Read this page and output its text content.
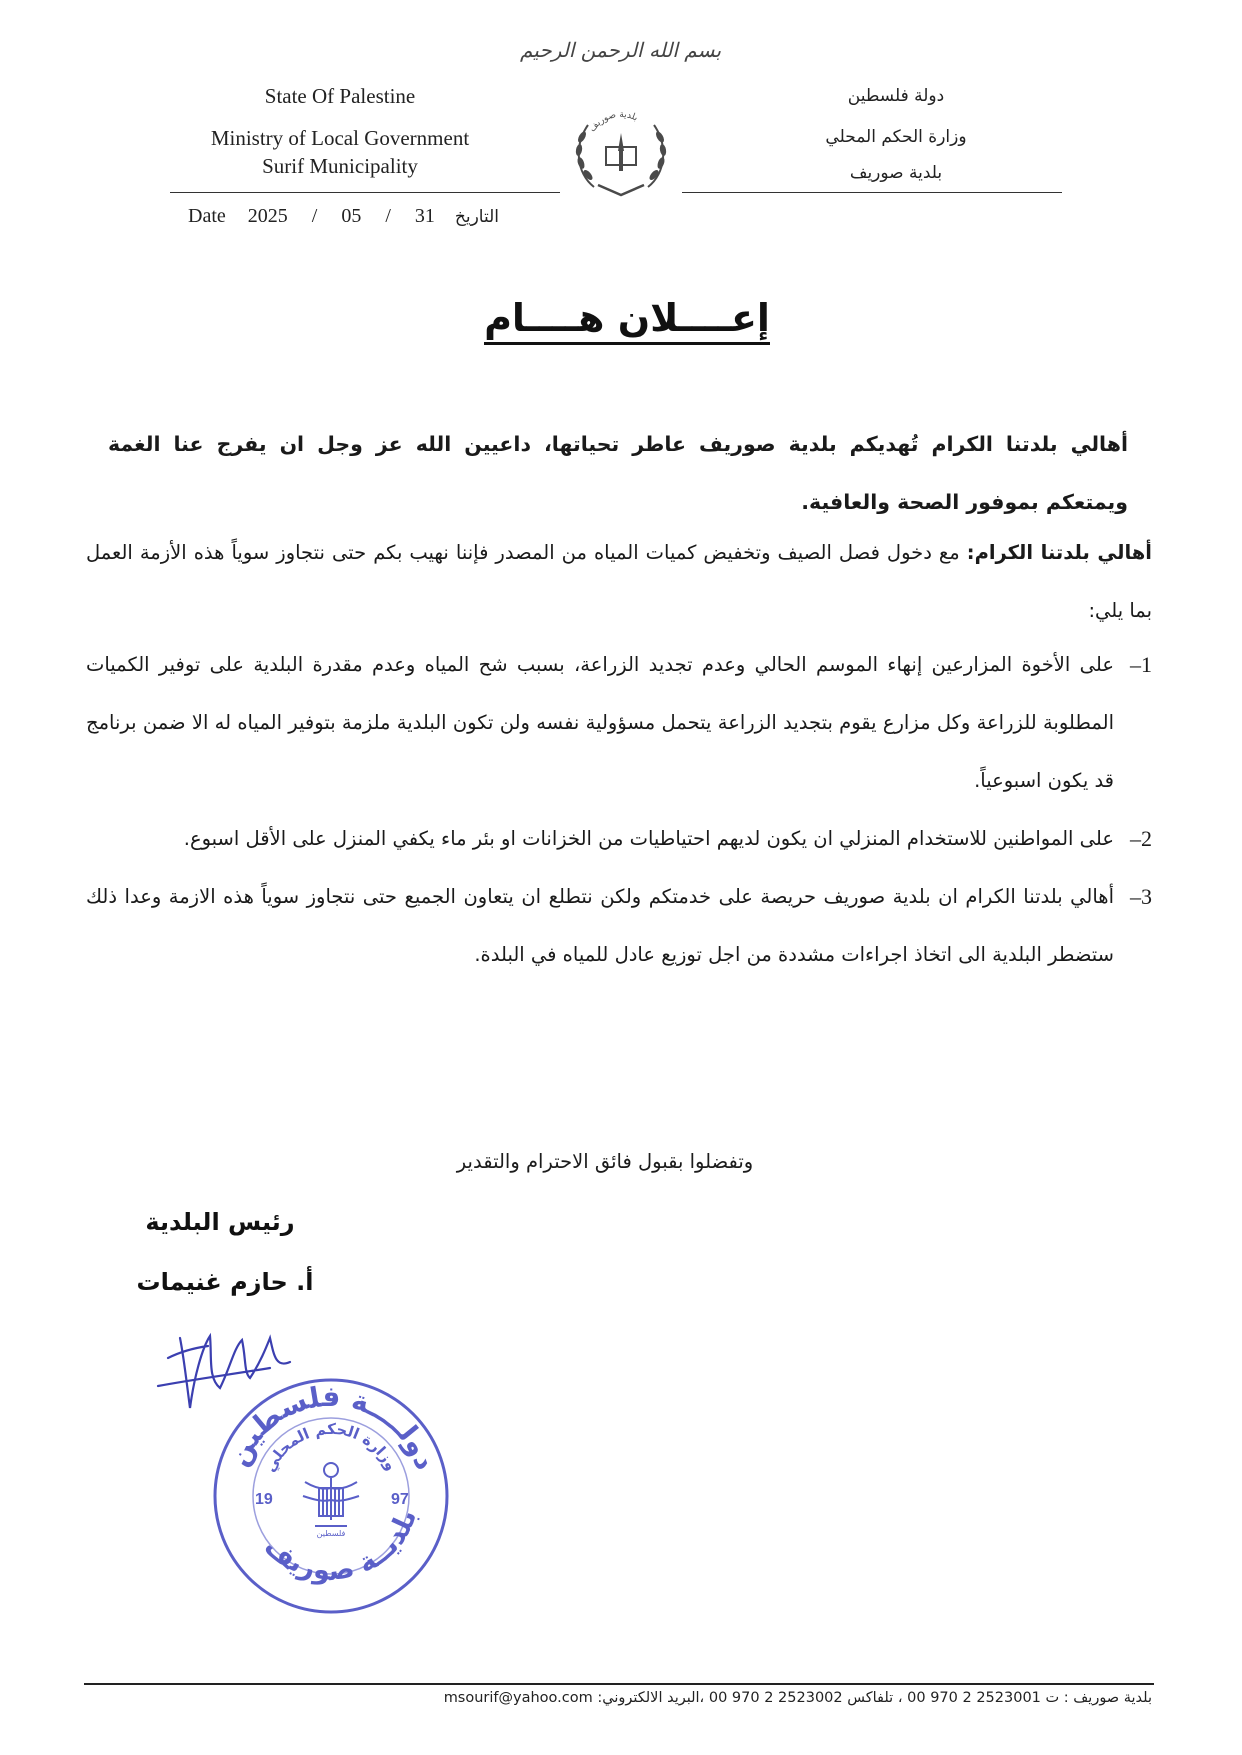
بسم الله الرحمن الرحيم
State Of Palestine
Ministry of Local Government
Surif Municipality
دولة فلسطين
وزارة الحكم المحلي
بلدية صوريف
بلدية صوريف
Date 2025 / 05 / 31 التاريخ
إعــــلان هــــام
أهالي بلدتنا الكرام تُهديكم بلدية صوريف عاطر تحياتها، داعيين الله عز وجل ان يفرج عنا الغمة ويمتعكم بموفور الصحة والعافية.
أهالي بلدتنا الكرام: مع دخول فصل الصيف وتخفيض كميات المياه من المصدر فإننا نهيب بكم حتى نتجاوز سوياً هذه الأزمة العمل بما يلي:
1–
على الأخوة المزارعين إنهاء الموسم الحالي وعدم تجديد الزراعة، بسبب شح المياه وعدم مقدرة البلدية على توفير الكميات المطلوبة للزراعة وكل مزارع يقوم بتجديد الزراعة يتحمل مسؤولية نفسه ولن تكون البلدية ملزمة بتوفير المياه له الا ضمن برنامج قد يكون اسبوعياً.
2–
على المواطنين للاستخدام المنزلي ان يكون لديهم احتياطيات من الخزانات او بئر ماء يكفي المنزل على الأقل اسبوع.
3–
أهالي بلدتنا الكرام ان بلدية صوريف حريصة على خدمتكم ولكن نتطلع ان يتعاون الجميع حتى نتجاوز سوياً هذه الازمة وعدا ذلك ستضطر البلدية الى اتخاذ اجراءات مشددة من اجل توزيع عادل للمياه في البلدة.
وتفضلوا بقبول فائق الاحترام والتقدير
رئيس البلدية
أ. حازم غنيمات
دولــــة فلسطين
وزارة الحكم المحلي
بلديــة صوريف
19	97
فلسطين
بلدية صوريف : ت 2523001 2 970 00 ، تلفاكس 2523002 2 970 00 ،البريد الالكتروني: msourif@yahoo.com
